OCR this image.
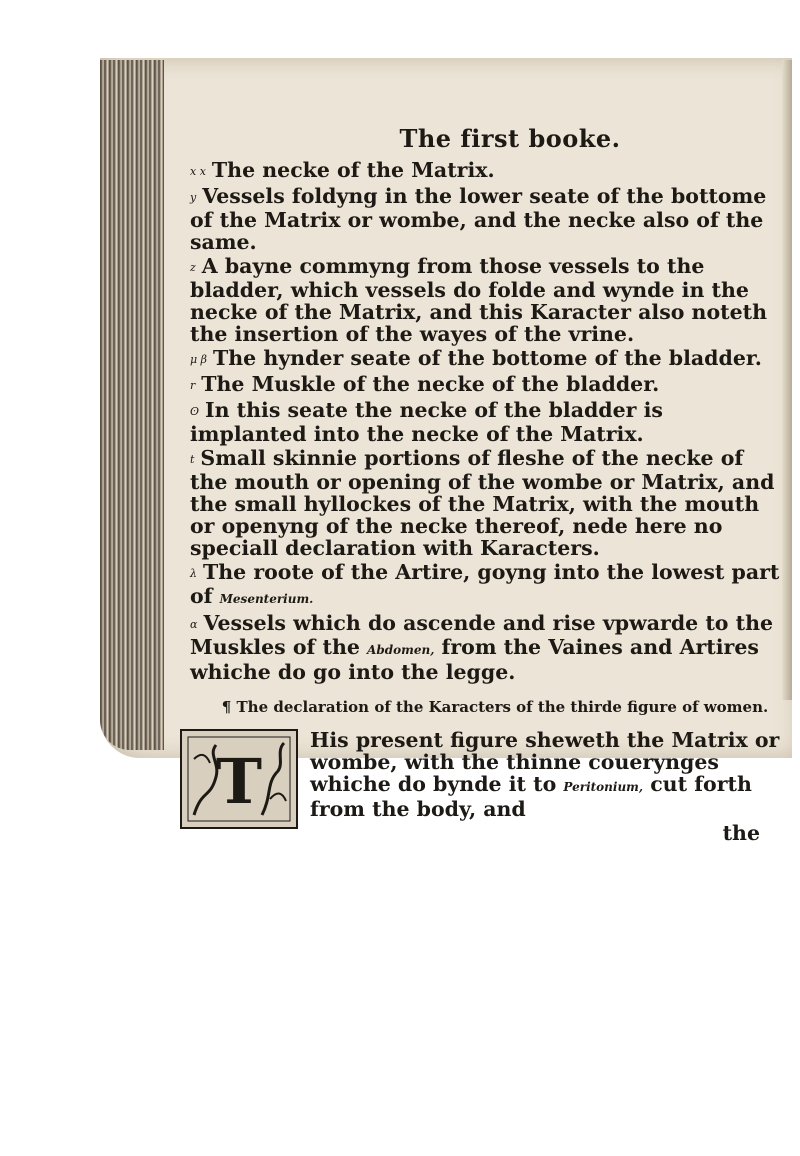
The first booke.

x x The necke of the Matrix.

y Vessels foldyng in the lower seate of the bottome of the Matrix or wombe, and the necke also of the same.

z A bayne commyng from those vessels to the bladder, which vessels do folde and wynde in the necke of the Matrix, and this Karacter also noteth the insertion of the wayes of the vrine.

μ β The hynder seate of the bottome of the bladder.

r The Muskle of the necke of the bladder.

ʘ In this seate the necke of the bladder is implanted into the necke of the Matrix.

t Small skinnie portions of fleshe of the necke of the mouth or opening of the wombe or Matrix, and the small hyllockes of the Matrix, with the mouth or openyng of the necke thereof, nede here no speciall declaration with Karacters.

λ The roote of the Artire, goyng into the lowest part of Mesenterium.

α Vessels which do ascende and rise vpwarde to the Muskles of the Abdomen, from the Vaines and Artires whiche do go into the legge.

¶ The declaration of the Karacters of the thirde figure of women.
T

His present figure sheweth the Matrix or wombe, with the thinne couerynges whiche do bynde it to Peritonium, cut forth from the body, and

the
